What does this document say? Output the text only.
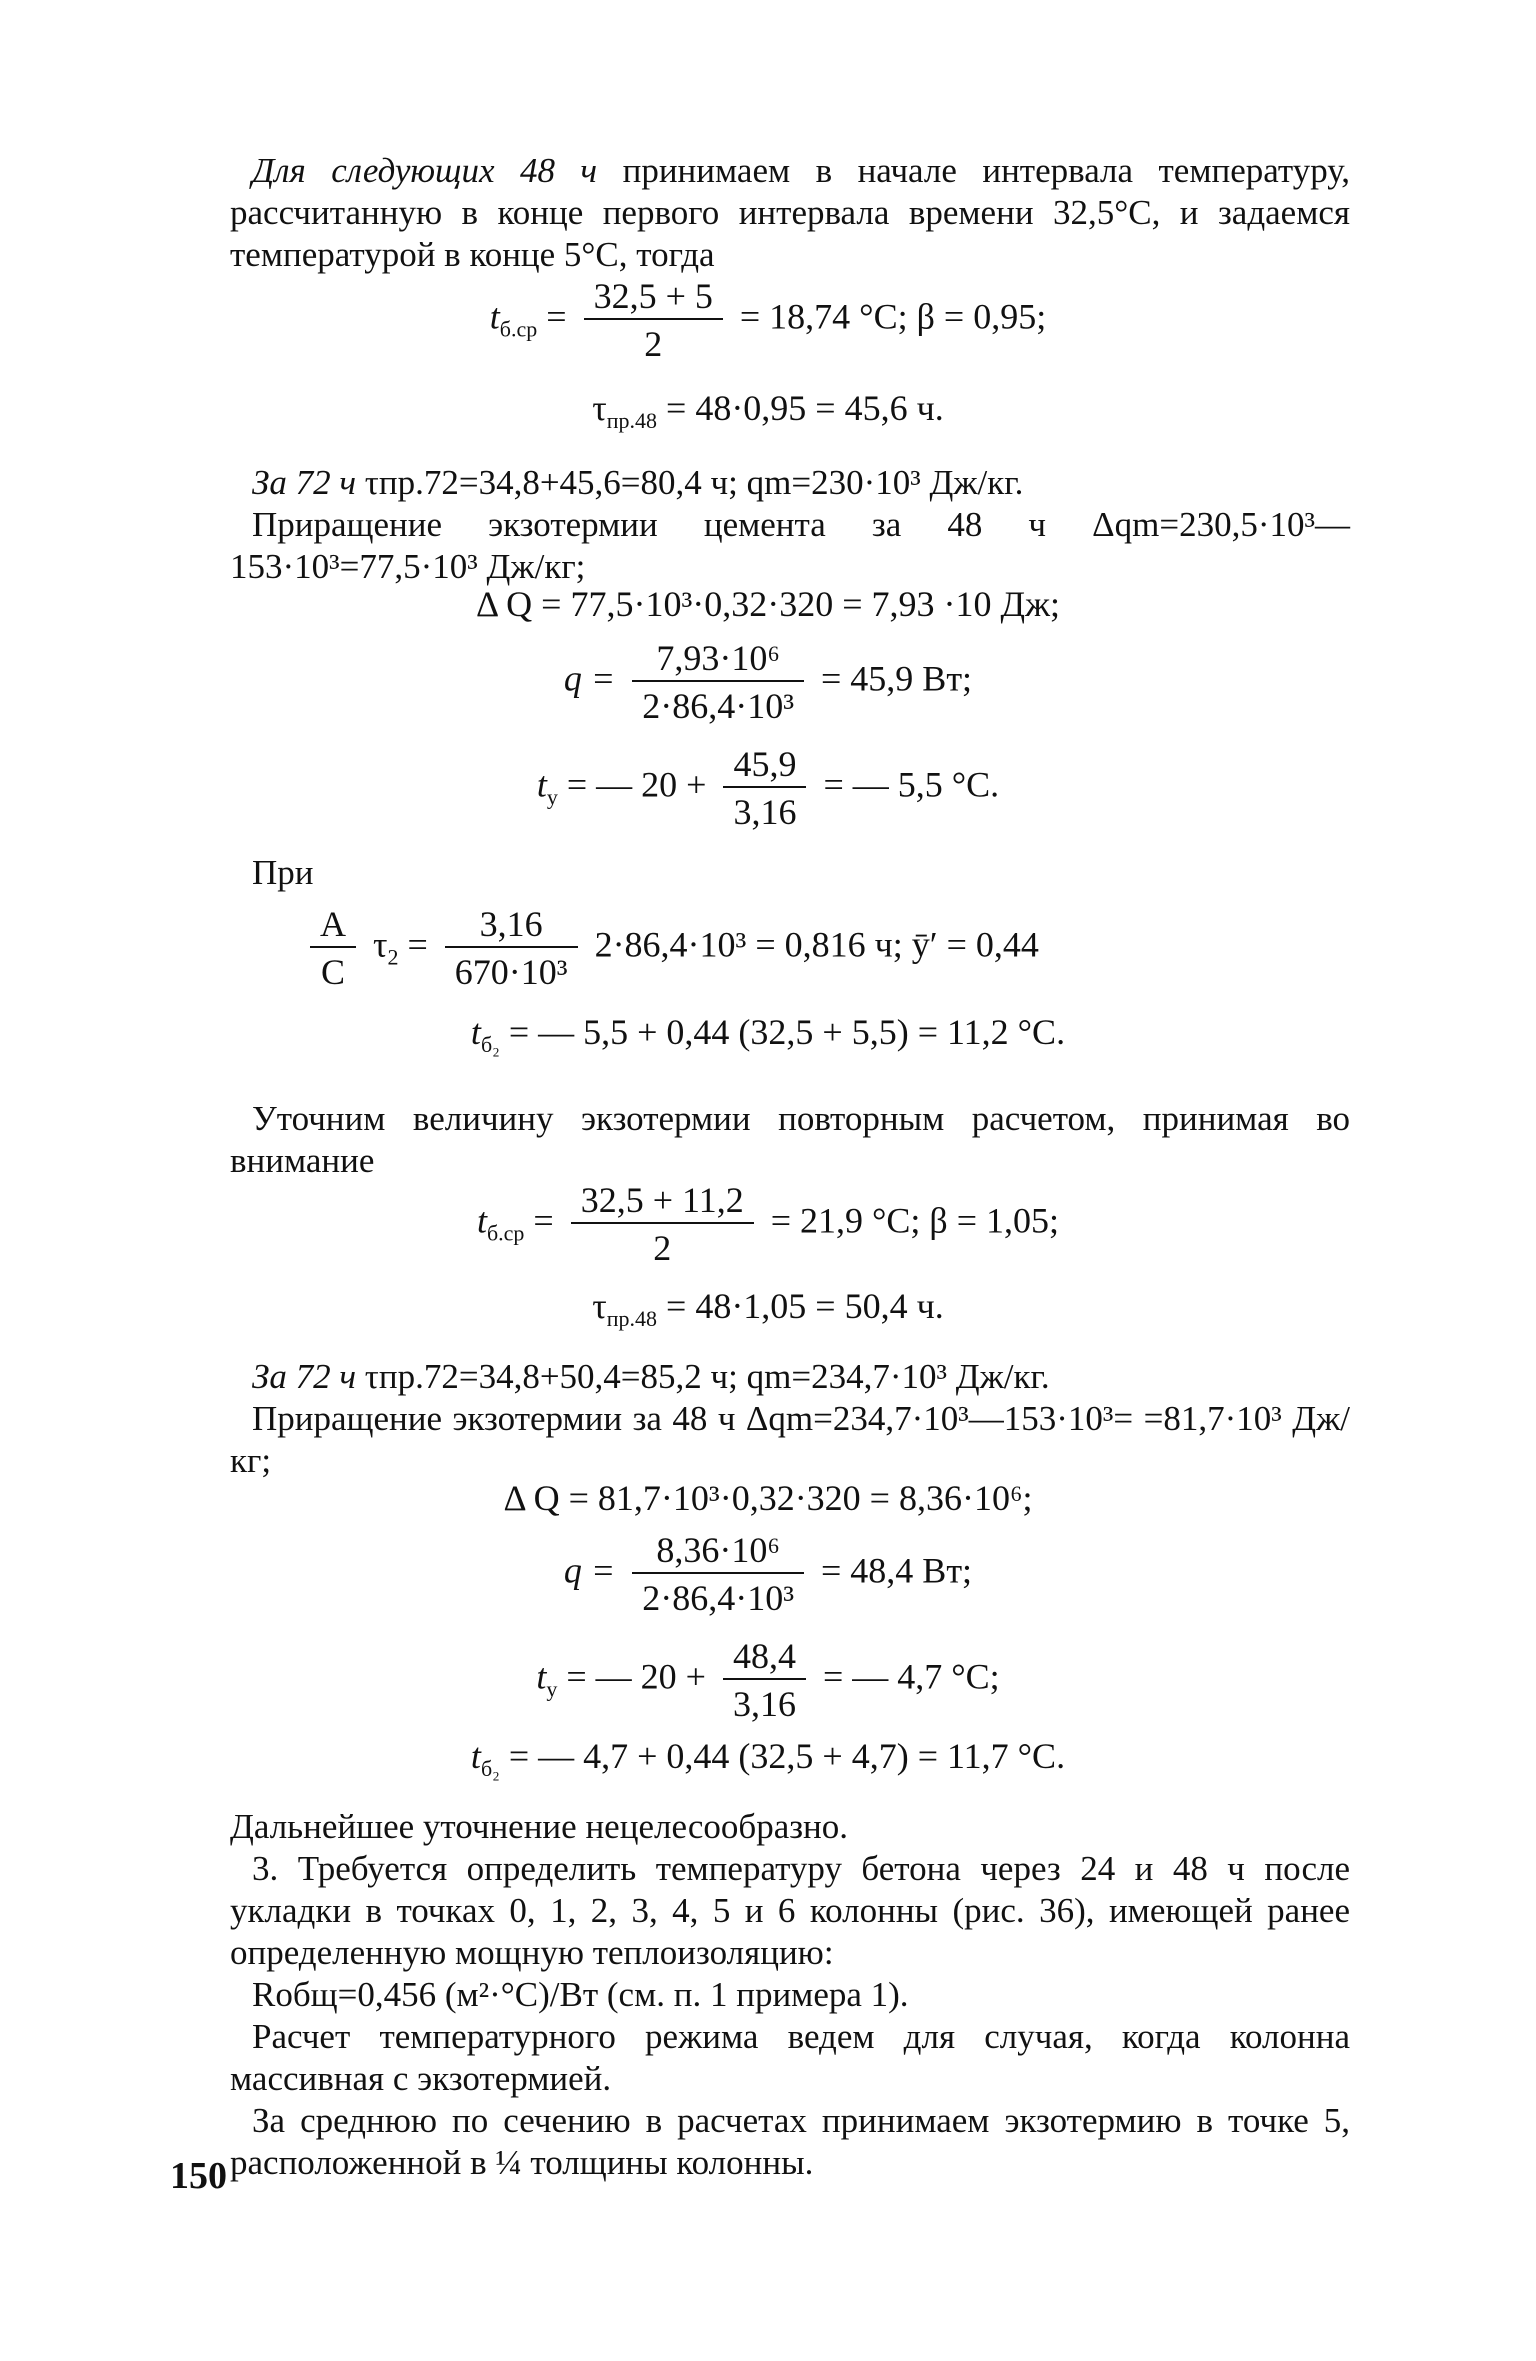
Для следующих 48 ч принимаем в начале интервала температуру, рассчитанную в конце первого интервала времени 32,5°С, и задаемся температурой в конце 5°С, тогда

$t_{б.ср} = \frac{32,5 + 5}{2} = 18,74$ °С; β = 0,95;
$\tau_{пр.48} = 48\cdot 0,95 = 45,6$ ч.

За 72 ч τпр.72=34,8+45,6=80,4 ч; qm=230·10³ Дж/кг.

Приращение экзотермии цемента за 48 ч Δqm=230,5·10³—153·10³=77,5·10³ Дж/кг;

Δ Q = 77,5·10³·0,32·320 = 7,93 ·10 Дж;
$q = \frac{\text{7,93·10⁶}}{\text{2·86,4·10³}} = 45,9$ Вт;
$t_у$ = — $20 + \frac{45,9}{3,16}$ = — 5,5 °С.

При

$\frac{A}{C} \tau_2 = \frac{3,16}{\text{670·10³}} 2\cdot 86,4\cdot 10^3 = 0,816$ ч; ȳ′ = 0,44
$t_{б_2}$ = — 5,5 + 0,44 (32,5 + 5,5) = 11,2 °С.

Уточним величину экзотермии повторным расчетом, принимая во внимание

$t_{б.ср} = \frac{32,5 + 11,2}{2} = 21,9$ °С; β = 1,05;
$\tau_{пр.48} = 48\cdot 1,05 = 50,4$ ч.

За 72 ч τпр.72=34,8+50,4=85,2 ч; qm=234,7·10³ Дж/кг.

Приращение экзотермии за 48 ч Δqm=234,7·10³—153·10³= =81,7·10³ Дж/кг;

Δ Q = 81,7·10³·0,32·320 = 8,36·10⁶;
$q = \frac{\text{8,36·10⁶}}{\text{2·86,4·10³}} = 48,4$ Вт;
$t_у$ = — $20 + \frac{48,4}{3,16}$ = — 4,7 °С;
$t_{б_2}$ = — 4,7 + 0,44 (32,5 + 4,7) = 11,7 °С.

Дальнейшее уточнение нецелесообразно.

3. Требуется определить температуру бетона через 24 и 48 ч после укладки в точках 0, 1, 2, 3, 4, 5 и 6 колонны (рис. 36), имеющей ранее определенную мощную теплоизоляцию:

Rобщ=0,456 (м²·°С)/Вт (см. п. 1 примера 1).

Расчет температурного режима ведем для случая, когда колонна массивная с экзотермией.

За среднюю по сечению в расчетах принимаем экзотермию в точке 5, расположенной в ¼ толщины колонны.

150
